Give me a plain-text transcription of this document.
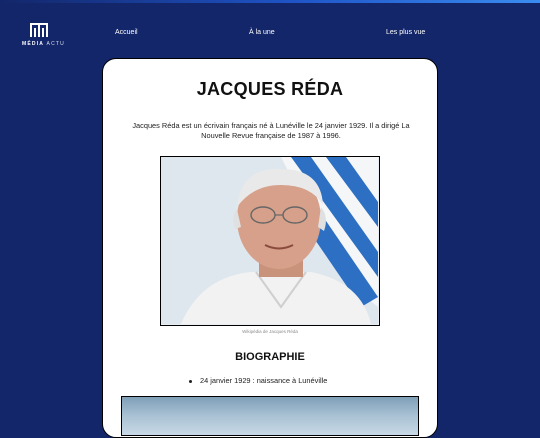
MÉDIA ACTU
Accueil	À la une	Les plus vue
JACQUES RÉDA
Jacques Réda est un écrivain français né à Lunéville le 24 janvier 1929. Il a dirigé La Nouvelle Revue française de 1987 à 1996.
Wikipédia de Jacques Réda
BIOGRAPHIE
24 janvier 1929 : naissance à Lunéville
